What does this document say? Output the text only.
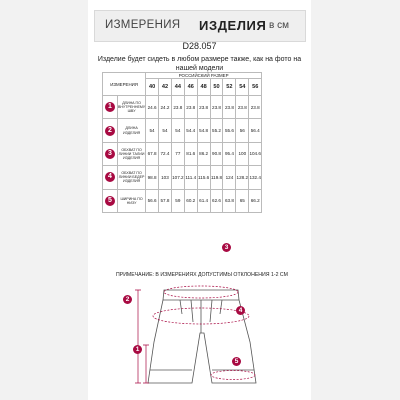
ИЗМЕРЕНИЯ ИЗДЕЛИЯ в см
D28.057
Изделие будет сидеть в любом размере также, как на фото на нашей модели
ИЗМЕРЕНИЯ		РОССИЙСКИЙ РАЗМЕР								
		40	42	44	46	48	50	52	54	56
1	ДЛИНА ПО ВНУТРЕННЕМУ ШВУ	24.6	24.2	23.8	23.8	23.8	23.8	23.8	23.8	23.8
2	ДЛИНА ИЗДЕЛИЯ	54	54	54	54.4	54.8	55.2	55.6	56	56.4
3	ОБХВАТ ПО ЛИНИИ ТАЛИИ ИЗДЕЛИЯ	67.8	72.4	77	81.6	86.2	90.8	95.4	100	104.6
4	ОБХВАТ ПО ЛИНИИ БЕДЕР ИЗДЕЛИЯ	98.8	103	107.2	111.4	115.6	119.8	124	128.2	132.4
5	ШИРИНА ПО НИЗУ	56.6	57.8	59	60.2	61.4	62.6	63.8	65	66.2
ПРИМЕЧАНИЕ: В ИЗМЕРЕНИЯХ ДОПУСТИМЫ ОТКЛОНЕНИЯ 1-2 СМ
3
4
2
1
5
